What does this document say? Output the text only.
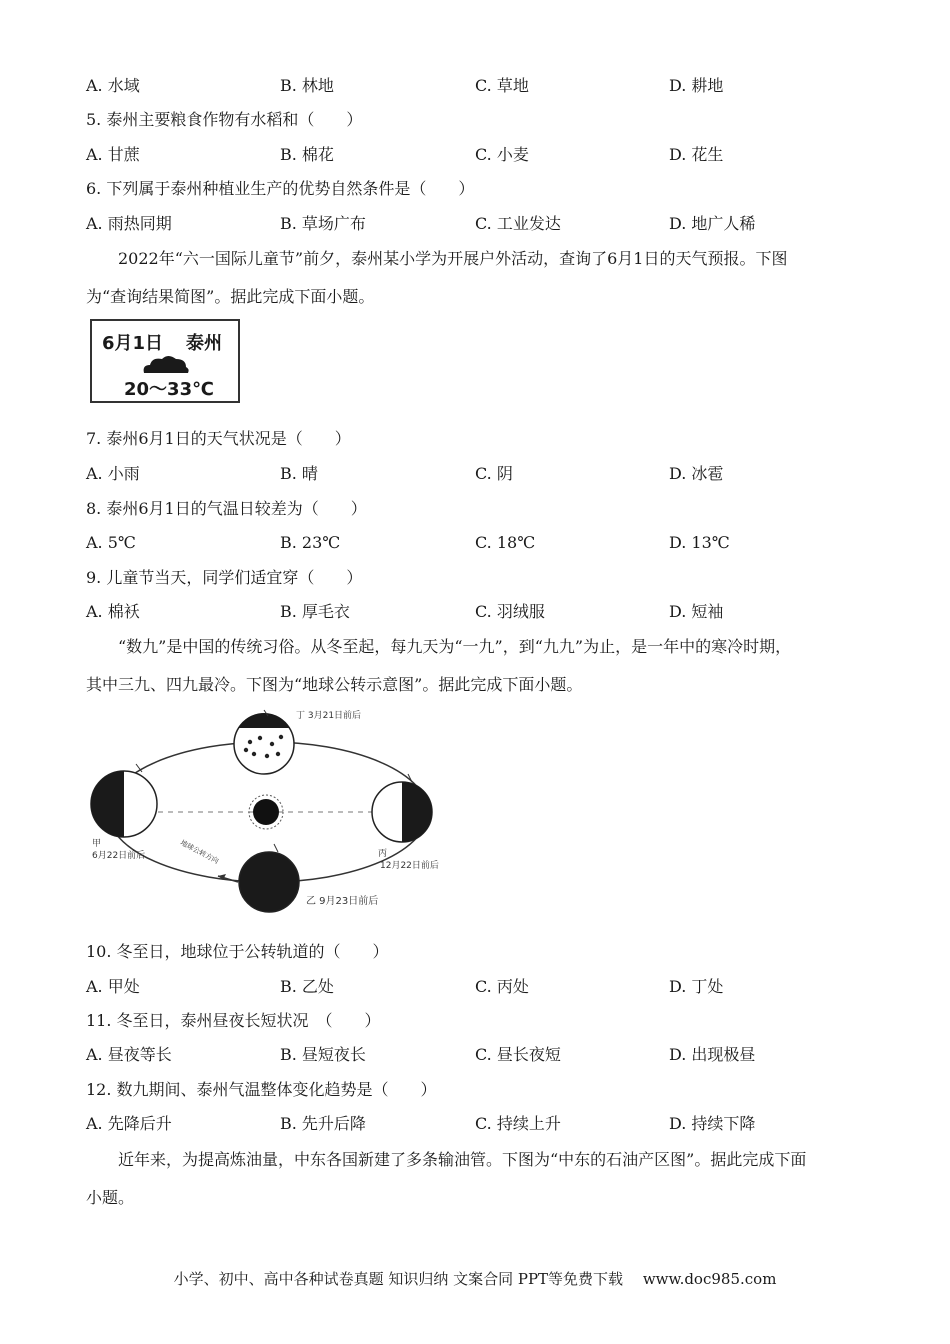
A. 水域	B. 林地	C. 草地	D. 耕地
5. 泰州主要粮食作物有水稻和（　　）
A. 甘蔗	B. 棉花	C. 小麦	D. 花生
6. 下列属于泰州种植业生产的优势自然条件是（　　）
A. 雨热同期	B. 草场广布	C. 工业发达	D. 地广人稀
2022年“六一国际儿童节”前夕，泰州某小学为开展户外活动，查询了6月1日的天气预报。下图
为“查询结果简图”。据此完成下面小题。
6月1日 泰州
20～33℃
7. 泰州6月1日的天气状况是（　　）
A. 小雨	B. 晴	C. 阴	D. 冰雹
8. 泰州6月1日的气温日较差为（　　）
A. 5℃	B. 23℃	C. 18℃	D. 13℃
9. 儿童节当天，同学们适宜穿（　　）
A. 棉袄	B. 厚毛衣	C. 羽绒服	D. 短袖
“数九”是中国的传统习俗。从冬至起，每九天为“一九”，到“九九”为止，是一年中的寒冷时期，
其中三九、四九最冷。下图为“地球公转示意图”。据此完成下面小题。
丁 3月21日前后
甲
6月22日前后	丙
12月22日前后
乙 9月23日前后
地球公转方向
10. 冬至日，地球位于公转轨道的（　　）
A. 甲处	B. 乙处	C. 丙处	D. 丁处
11. 冬至日，泰州昼夜长短状况　（　　）
A. 昼夜等长	B. 昼短夜长	C. 昼长夜短	D. 出现极昼
12. 数九期间、泰州气温整体变化趋势是（　　）
A. 先降后升	B. 先升后降	C. 持续上升	D. 持续下降
近年来，为提高炼油量，中东各国新建了多条输油管。下图为“中东的石油产区图”。据此完成下面
小题。
小学、初中、高中各种试卷真题 知识归纳 文案合同 PPT等免费下载　 www.doc985.com
